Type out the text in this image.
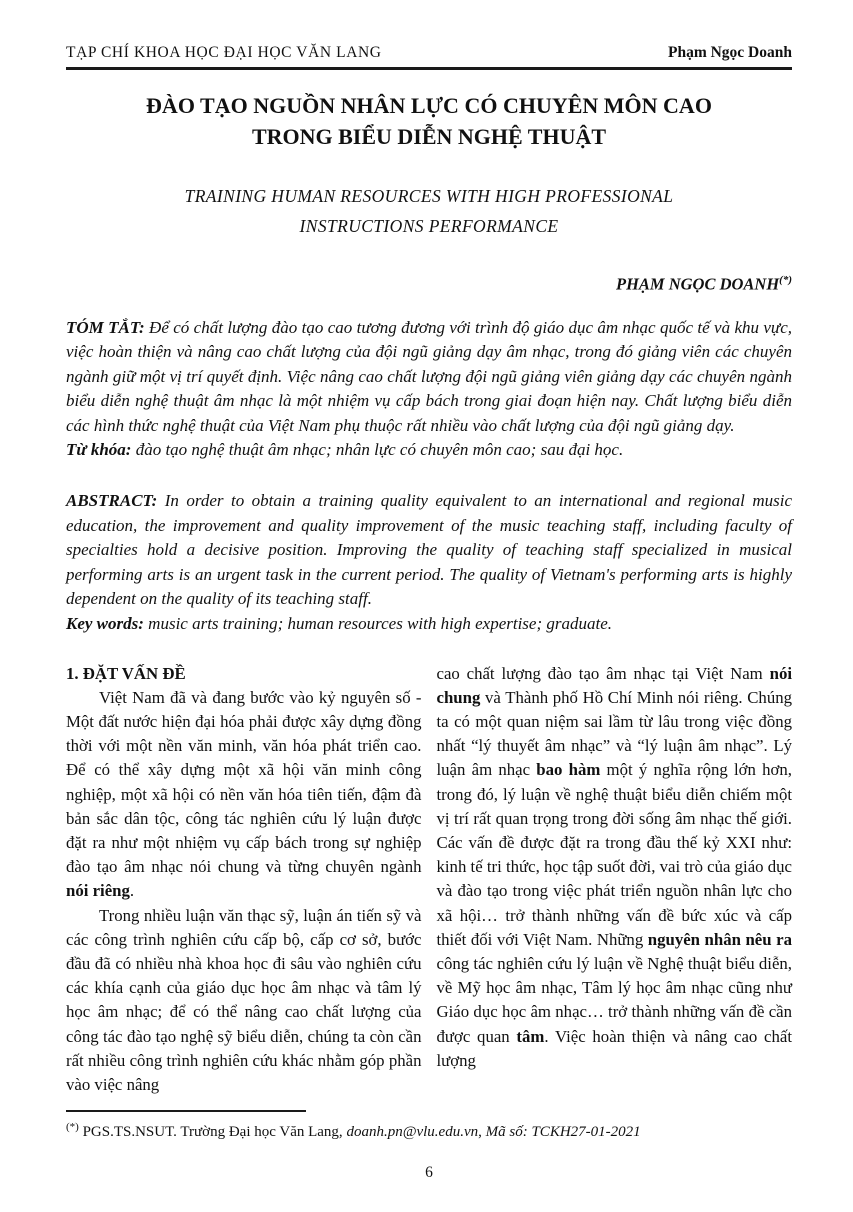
TẠP CHÍ KHOA HỌC ĐẠI HỌC VĂN LANG	Phạm Ngọc Doanh
ĐÀO TẠO NGUỒN NHÂN LỰC CÓ CHUYÊN MÔN CAO
TRONG BIỂU DIỄN NGHỆ THUẬT
TRAINING HUMAN RESOURCES WITH HIGH PROFESSIONAL
INSTRUCTIONS PERFORMANCE
PHẠM NGỌC DOANH(*)

TÓM TẮT: Để có chất lượng đào tạo cao tương đương với trình độ giáo dục âm nhạc quốc tế và khu vực, việc hoàn thiện và nâng cao chất lượng của đội ngũ giảng dạy âm nhạc, trong đó giảng viên các chuyên ngành giữ một vị trí quyết định. Việc nâng cao chất lượng đội ngũ giảng viên giảng dạy các chuyên ngành biểu diễn nghệ thuật âm nhạc là một nhiệm vụ cấp bách trong giai đoạn hiện nay. Chất lượng biểu diễn các hình thức nghệ thuật của Việt Nam phụ thuộc rất nhiều vào chất lượng của đội ngũ giảng dạy.

Từ khóa: đào tạo nghệ thuật âm nhạc; nhân lực có chuyên môn cao; sau đại học.

ABSTRACT: In order to obtain a training quality equivalent to an international and regional music education, the improvement and quality improvement of the music teaching staff, including faculty of specialties hold a decisive position. Improving the quality of teaching staff specialized in musical performing arts is an urgent task in the current period. The quality of Vietnam's performing arts is highly dependent on the quality of its teaching staff.

Key words: music arts training; human resources with high expertise; graduate.

1. ĐẶT VẤN ĐỀ

Việt Nam đã và đang bước vào kỷ nguyên số - Một đất nước hiện đại hóa phải được xây dựng đồng thời với một nền văn minh, văn hóa phát triển cao. Để có thể xây dựng một xã hội văn minh công nghiệp, một xã hội có nền văn hóa tiên tiến, đậm đà bản sắc dân tộc, công tác nghiên cứu lý luận được đặt ra như một nhiệm vụ cấp bách trong sự nghiệp đào tạo âm nhạc nói chung và từng chuyên ngành nói riêng.

Trong nhiều luận văn thạc sỹ, luận án tiến sỹ và các công trình nghiên cứu cấp bộ, cấp cơ sở, bước đầu đã có nhiều nhà khoa học đi sâu vào nghiên cứu các khía cạnh của giáo dục học âm nhạc và tâm lý học âm nhạc; để có thể nâng cao chất lượng của công tác đào tạo nghệ sỹ biểu diễn, chúng ta còn cần rất nhiều công trình nghiên cứu khác nhằm góp phần vào việc nâng

cao chất lượng đào tạo âm nhạc tại Việt Nam nói chung và Thành phố Hồ Chí Minh nói riêng. Chúng ta có một quan niệm sai lầm từ lâu trong việc đồng nhất “lý thuyết âm nhạc” và “lý luận âm nhạc”. Lý luận âm nhạc bao hàm một ý nghĩa rộng lớn hơn, trong đó, lý luận về nghệ thuật biểu diễn chiếm một vị trí rất quan trọng trong đời sống âm nhạc thế giới. Các vấn đề được đặt ra trong đầu thế kỷ XXI như: kinh tế tri thức, học tập suốt đời, vai trò của giáo dục và đào tạo trong việc phát triển nguồn nhân lực cho xã hội… trở thành những vấn đề bức xúc và cấp thiết đối với Việt Nam. Những nguyên nhân nêu ra công tác nghiên cứu lý luận về Nghệ thuật biểu diễn, về Mỹ học âm nhạc, Tâm lý học âm nhạc cũng như Giáo dục học âm nhạc… trở thành những vấn đề cần được quan tâm. Việc hoàn thiện và nâng cao chất lượng

(*) PGS.TS.NSUT. Trường Đại học Văn Lang, doanh.pn@vlu.edu.vn, Mã số: TCKH27-01-2021
6
